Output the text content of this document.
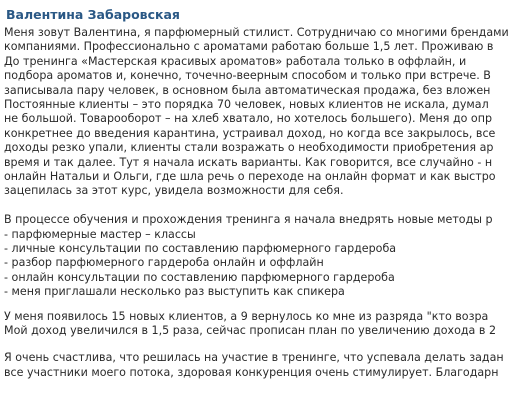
Валентина Забаровская
Меня зовут Валентина, я парфюмерный стилист. Сотрудничаю со многими брендами
компаниями. Профессионально с ароматами работаю больше 1,5 лет. Проживаю в
До тренинга «Мастерская красивых ароматов» работала только в оффлайн, и
подбора ароматов и, конечно, точечно-веерным способом и только при встрече. В
записывала пару человек, в основном была автоматическая продажа, без вложен
Постоянные клиенты – это порядка 70 человек, новых клиентов не искала, думал
не большой. Товарооборот – на хлеб хватало, но хотелось большего). Меня до опр
конкретнее до введения карантина, устраивал доход, но когда все закрылось, все
доходы резко упали, клиенты стали возражать о необходимости приобретения ар
время и так далее. Тут я начала искать варианты. Как говорится, все случайно - н
онлайн Натальи и Ольги, где шла речь о переходе на онлайн формат и как выстро
зацепилась за этот курс, увидела возможности для себя.
В процессе обучения и прохождения тренинга я начала внедрять новые методы р
- парфюмерные мастер – классы
- личные консультации по составлению парфюмерного гардероба
- разбор парфюмерного гардероба онлайн и оффлайн
- онлайн консультации по составлению парфюмерного гардероба
- меня приглашали несколько раз выступить как спикера
У меня появилось 15 новых клиентов, а 9 вернулось ко мне из разряда "кто возра
Мой доход увеличился в 1,5 раза, сейчас прописан план по увеличению дохода в 2
Я очень счастлива, что решилась на участие в тренинге, что успевала делать задан
все участники моего потока, здоровая конкуренция очень стимулирует. Благодарн
